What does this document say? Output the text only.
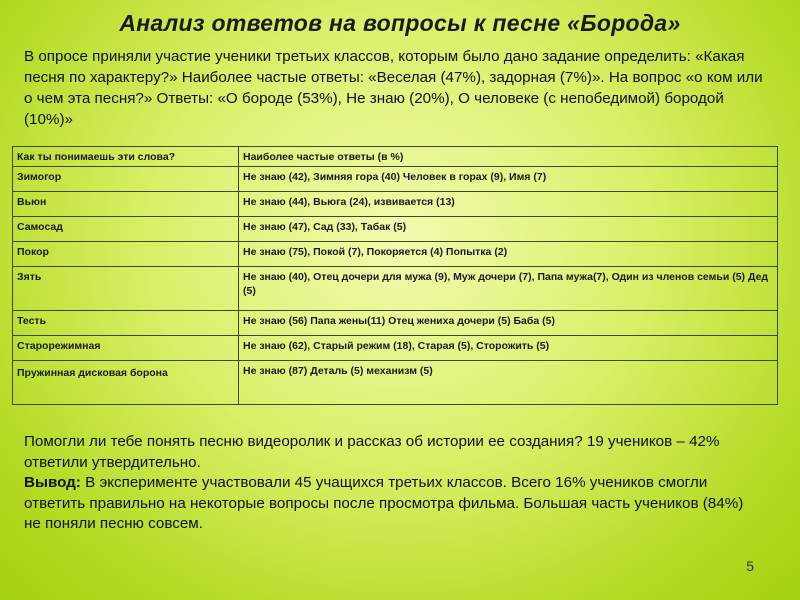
Анализ ответов на вопросы к песне «Борода»
В опросе приняли участие ученики третьих классов, которым было дано задание определить: «Какая песня по характеру?» Наиболее частые ответы: «Веселая (47%), задорная (7%)». На вопрос «о ком или о чем эта песня?» Ответы: «О бороде (53%), Не знаю (20%), О человеке (с непобедимой) бородой (10%)»
Как ты понимаешь эти слова?	Наиболее частые ответы (в %)
Зимогор	Не знаю (42), Зимняя гора (40) Человек в горах (9), Имя (7)
Вьюн	Не знаю (44), Вьюга (24), извивается (13)
Самосад	Не знаю (47), Сад (33), Табак (5)
Покор	Не знаю (75), Покой (7), Покоряется (4) Попытка (2)
Зять	Не знаю (40), Отец дочери для мужа (9), Муж дочери (7), Папа мужа(7), Один из членов семьи (5) Дед (5)
Тесть	Не знаю (56) Папа жены(11) Отец жениха дочери (5) Баба (5)
Старорежимная	Не знаю (62), Старый режим (18), Старая (5), Сторожить (5)
Пружинная дисковая борона	Не знаю (87) Деталь (5) механизм (5)
Помогли ли тебе понять песню видеоролик и рассказ об истории ее создания? 19 учеников – 42% ответили утвердительно.
Вывод: В эксперименте участвовали 45 учащихся третьих классов. Всего 16% учеников смогли ответить правильно на некоторые вопросы после просмотра фильма. Большая часть учеников (84%) не поняли песню совсем.
5
